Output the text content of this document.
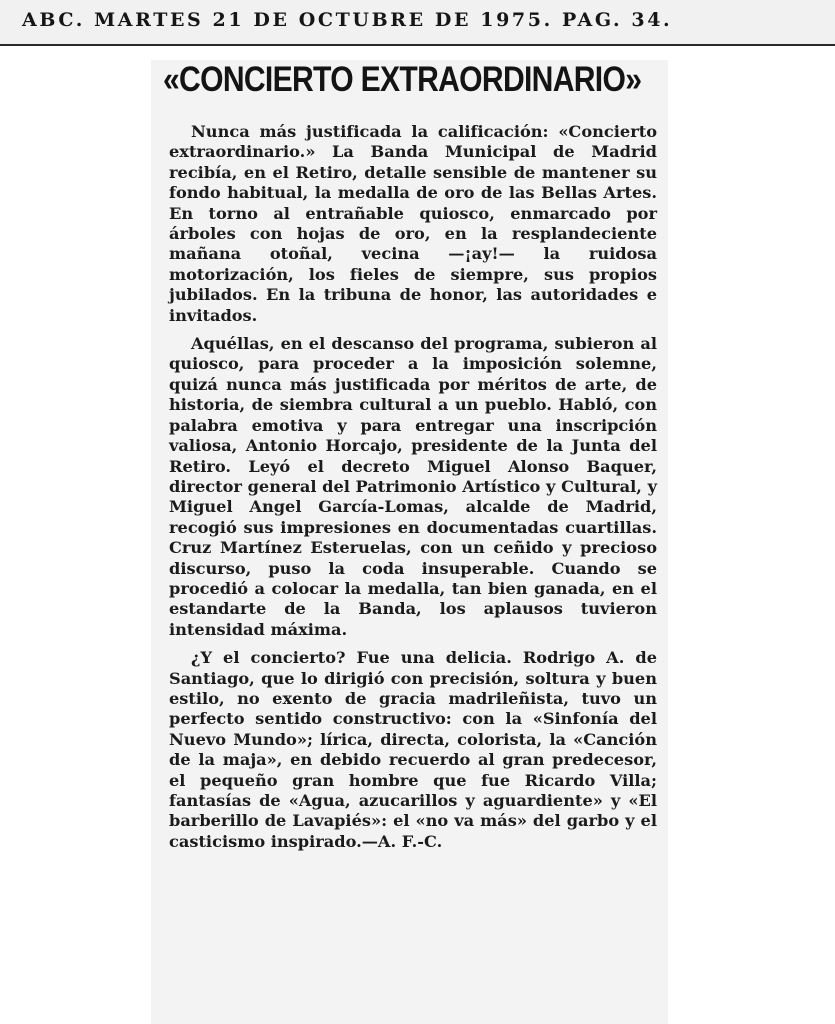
ABC. MARTES 21 DE OCTUBRE DE 1975. PAG. 34.
«CONCIERTO EXTRAORDINARIO»

Nunca más justificada la calificación: «Concierto extraordinario.» La Banda Municipal de Madrid recibía, en el Retiro, detalle sensible de mantener su fondo habitual, la medalla de oro de las Bellas Artes. En torno al entrañable quiosco, enmarcado por árboles con hojas de oro, en la resplandeciente mañana otoñal, vecina —¡ay!— la ruidosa motorización, los fieles de siempre, sus propios jubilados. En la tribuna de honor, las autoridades e invitados.

Aquéllas, en el descanso del programa, subieron al quiosco, para proceder a la imposición solemne, quizá nunca más justificada por méritos de arte, de historia, de siembra cultural a un pueblo. Habló, con palabra emotiva y para entregar una inscripción valiosa, Antonio Horcajo, presidente de la Junta del Retiro. Leyó el decreto Miguel Alonso Baquer, director general del Patrimonio Artístico y Cultural, y Miguel Angel García-Lomas, alcalde de Madrid, recogió sus impresiones en documentadas cuartillas. Cruz Martínez Esteruelas, con un ceñido y precioso discurso, puso la coda insuperable. Cuando se procedió a colocar la medalla, tan bien ganada, en el estandarte de la Banda, los aplausos tuvieron intensidad máxima.

¿Y el concierto? Fue una delicia. Rodrigo A. de Santiago, que lo dirigió con precisión, soltura y buen estilo, no exento de gracia madrileñista, tuvo un perfecto sentido constructivo: con la «Sinfonía del Nuevo Mundo»; lírica, directa, colorista, la «Canción de la maja», en debido recuerdo al gran predecesor, el pequeño gran hombre que fue Ricardo Villa; fantasías de «Agua, azucarillos y aguardiente» y «El barberillo de Lavapiés»: el «no va más» del garbo y el casticismo inspirado.—A. F.-C.
